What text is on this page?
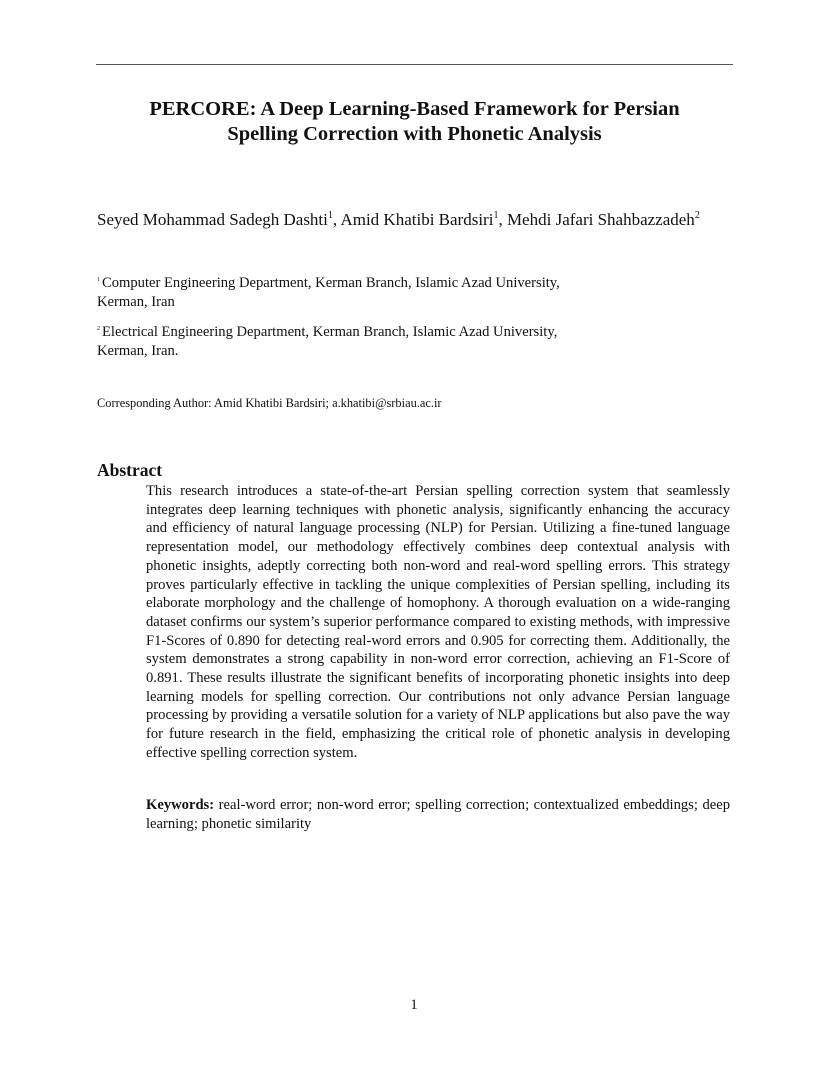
PERCORE: A Deep Learning-Based Framework for Persian
Spelling Correction with Phonetic Analysis
Seyed Mohammad Sadegh Dashti$^1$, Amid Khatibi Bardsiri$^1$, Mehdi Jafari Shahbazzadeh$^2$
$^1$ Computer Engineering Department, Kerman Branch, Islamic Azad University,
Kerman, Iran
$^2$ Electrical Engineering Department, Kerman Branch, Islamic Azad University,
Kerman, Iran.
Corresponding Author: Amid Khatibi Bardsiri; a.khatibi@srbiau.ac.ir
Abstract

This research introduces a state-of-the-art Persian spelling correction system that seamlessly integrates deep learning techniques with phonetic analysis, significantly enhancing the accuracy and efficiency of natural language processing (NLP) for Persian. Utilizing a fine-tuned language representation model, our methodology effectively combines deep contextual analysis with phonetic insights, adeptly correcting both non-word and real-word spelling errors. This strategy proves particularly effective in tackling the unique complexities of Persian spelling, including its elaborate morphology and the challenge of homophony. A thorough evaluation on a wide-ranging dataset confirms our system’s superior performance compared to existing methods, with impressive F1-Scores of 0.890 for detecting real-word errors and 0.905 for correcting them. Additionally, the system demonstrates a strong capability in non-word error correction, achieving an F1-Score of 0.891. These results illustrate the significant benefits of incorporating phonetic insights into deep learning models for spelling correction. Our contributions not only advance Persian language processing by providing a versatile solution for a variety of NLP applications but also pave the way for future research in the field, emphasizing the critical role of phonetic analysis in developing effective spelling correction system.

Keywords: real-word error; non-word error; spelling correction; contextualized embeddings; deep learning; phonetic similarity

1
